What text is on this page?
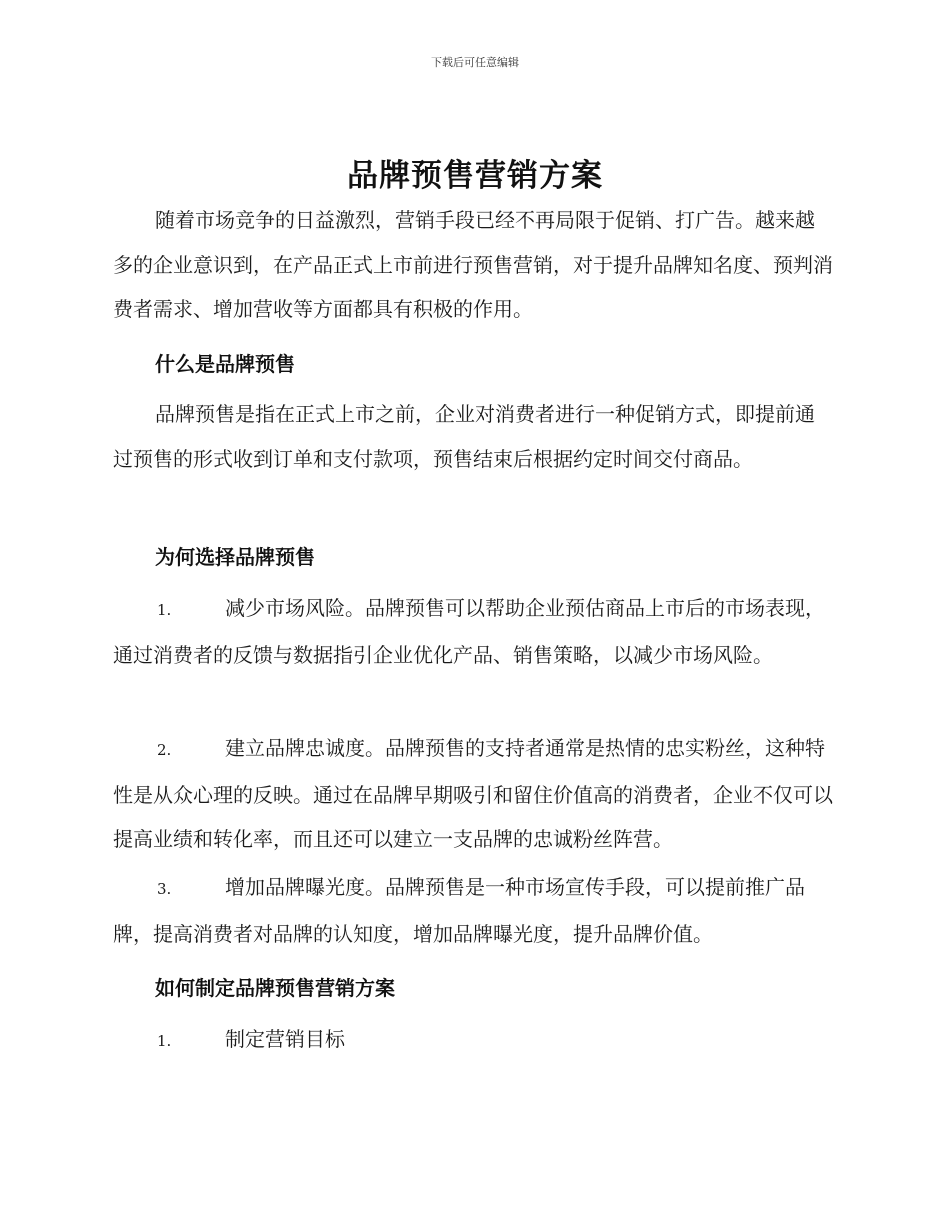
下载后可任意编辑
品牌预售营销方案

随着市场竞争的日益激烈，营销手段已经不再局限于促销、打广告。越来越多的企业意识到，在产品正式上市前进行预售营销，对于提升品牌知名度、预判消费者需求、增加营收等方面都具有积极的作用。

什么是品牌预售

品牌预售是指在正式上市之前，企业对消费者进行一种促销方式，即提前通过预售的形式收到订单和支付款项，预售结束后根据约定时间交付商品。

为何选择品牌预售

1.	减少市场风险。品牌预售可以帮助企业预估商品上市后的市场表现，通过消费者的反馈与数据指引企业优化产品、销售策略，以减少市场风险。

2.	建立品牌忠诚度。品牌预售的支持者通常是热情的忠实粉丝，这种特性是从众心理的反映。通过在品牌早期吸引和留住价值高的消费者，企业不仅可以提高业绩和转化率，而且还可以建立一支品牌的忠诚粉丝阵营。

3.	增加品牌曝光度。品牌预售是一种市场宣传手段，可以提前推广品牌，提高消费者对品牌的认知度，增加品牌曝光度，提升品牌价值。

如何制定品牌预售营销方案

1.	制定营销目标
